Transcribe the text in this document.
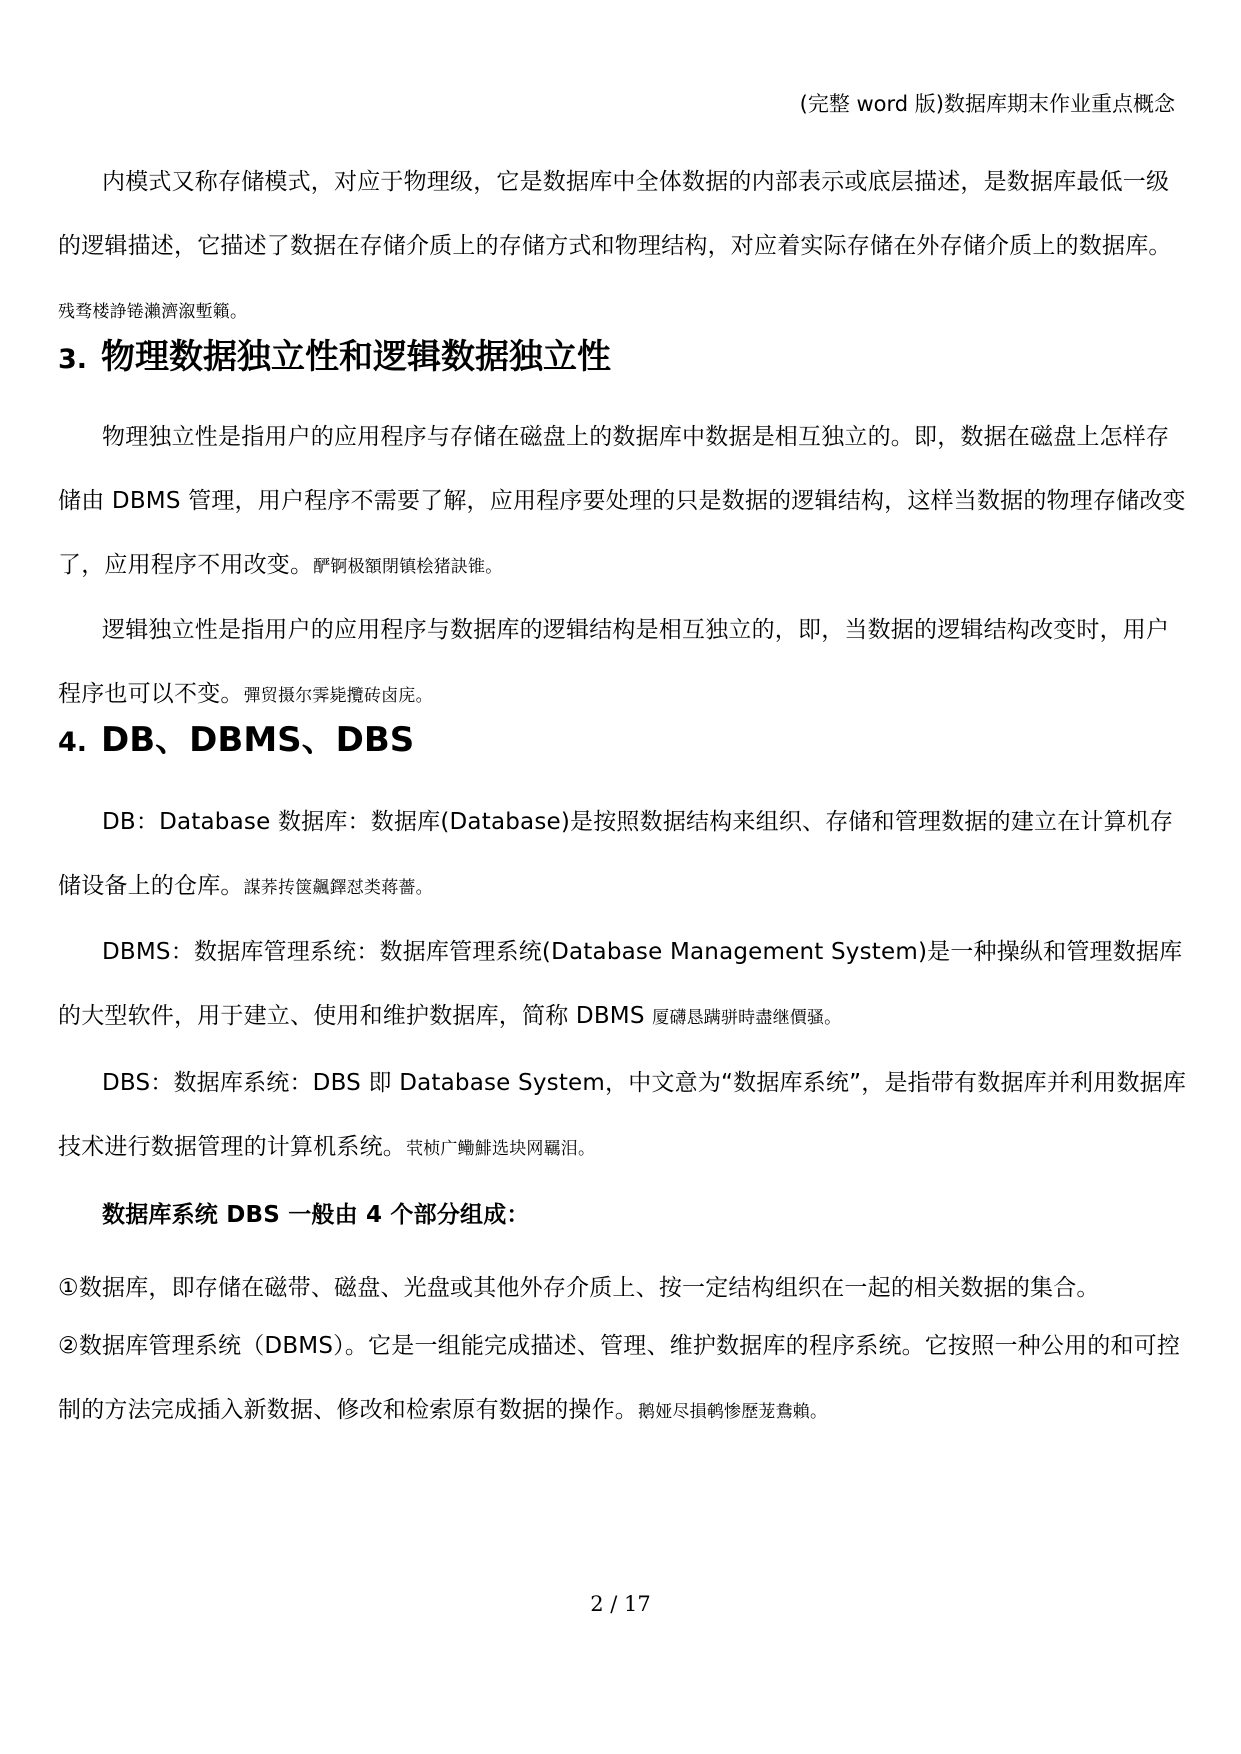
(完整 word 版)数据库期末作业重点概念
内模式又称存储模式，对应于物理级，它是数据库中全体数据的内部表示或底层描述，是数据库最低一级的逻辑描述，它描述了数据在存储介质上的存储方式和物理结构，对应着实际存储在外存储介质上的数据库。残骛楼諍锩瀨濟溆塹籟。
3. 物理数据独立性和逻辑数据独立性
物理独立性是指用户的应用程序与存储在磁盘上的数据库中数据是相互独立的。即，数据在磁盘上怎样存储由 DBMS 管理，用户程序不需要了解，应用程序要处理的只是数据的逻辑结构，这样当数据的物理存储改变了，应用程序不用改变。酽锕极額閉镇桧猪訣锥。
逻辑独立性是指用户的应用程序与数据库的逻辑结构是相互独立的，即，当数据的逻辑结构改变时，用户程序也可以不变。彈贸摄尔霁毙攬砖卤庑。
4. DB、DBMS、DBS
DB：Database 数据库：数据库(Database)是按照数据结构来组织、存储和管理数据的建立在计算机存储设备上的仓库。謀荞抟箧飆鐸怼类蒋薔。
DBMS：数据库管理系统：数据库管理系统(Database Management System)是一种操纵和管理数据库的大型软件，用于建立、使用和维护数据库，简称 DBMS 厦礴恳蹒骈時盡继價骚。
DBS：数据库系统：DBS 即 Database System，中文意为“数据库系统”，是指带有数据库并利用数据库技术进行数据管理的计算机系统。茕桢广鳓鯡选块网羈泪。
数据库系统 DBS 一般由 4 个部分组成：
①数据库，即存储在磁带、磁盘、光盘或其他外存介质上、按一定结构组织在一起的相关数据的集合。
②数据库管理系统（DBMS）。它是一组能完成描述、管理、维护数据库的程序系统。它按照一种公用的和可控制的方法完成插入新数据、修改和检索原有数据的操作。鹅娅尽損鹌惨歷茏鴦賴。
2 / 17
